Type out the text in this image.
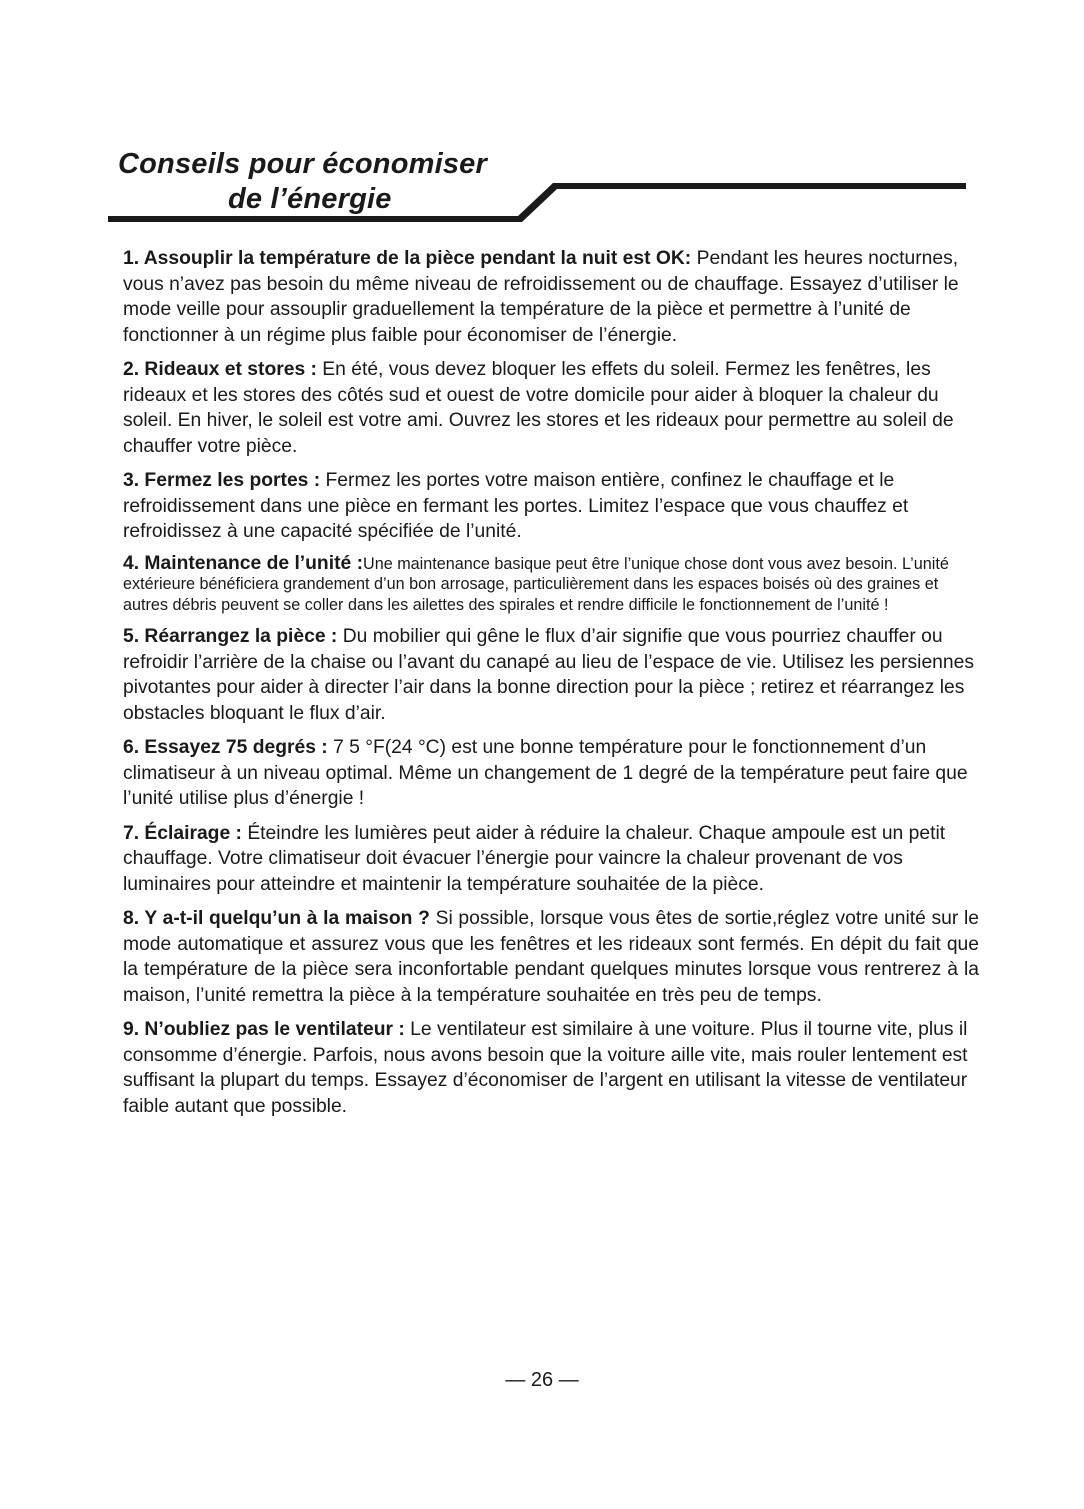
Conseils pour économiser
de l’énergie

1. Assouplir la température de la pièce pendant la nuit est OK: Pendant les heures nocturnes, vous n’avez pas besoin du même niveau de refroidissement ou de chauffage. Essayez d’utiliser le mode veille pour assouplir graduellement la température de la pièce et permettre à l’unité de fonctionner à un régime plus faible pour économiser de l’énergie.

2. Rideaux et stores : En été, vous devez bloquer les effets du soleil. Fermez les fenêtres, les rideaux et les stores des côtés sud et ouest de votre domicile pour aider à bloquer la chaleur du soleil. En hiver, le soleil est votre ami. Ouvrez les stores et les rideaux pour permettre au soleil de chauffer votre pièce.

3. Fermez les portes : Fermez les portes votre maison entière, confinez le chauffage et le refroidissement dans une pièce en fermant les portes. Limitez l’espace que vous chauffez et refroidissez à une capacité spécifiée de l’unité.

4. Maintenance de l’unité :Une maintenance basique peut être l’unique chose dont vous avez besoin. L’unité extérieure bénéficiera grandement d’un bon arrosage, particulièrement dans les espaces boisés où des graines et autres débris peuvent se coller dans les ailettes des spirales et rendre difficile le fonctionnement de l’unité !

5. Réarrangez la pièce : Du mobilier qui gêne le flux d’air signifie que vous pourriez chauffer ou refroidir l’arrière de la chaise ou l’avant du canapé au lieu de l’espace de vie. Utilisez les persiennes pivotantes pour aider à directer l’air dans la bonne direction pour la pièce ; retirez et réarrangez les obstacles bloquant le flux d’air.

6. Essayez 75 degrés : 7 5 °F(24 °C) est une bonne température pour le fonctionnement d’un climatiseur à un niveau optimal. Même un changement de 1 degré de la température peut faire que l’unité utilise plus d’énergie !

7. Éclairage : Éteindre les lumières peut aider à réduire la chaleur. Chaque ampoule est un petit chauffage. Votre climatiseur doit évacuer l’énergie pour vaincre la chaleur provenant de vos luminaires pour atteindre et maintenir la température souhaitée de la pièce.

8. Y a-t-il quelqu’un à la maison ? Si possible, lorsque vous êtes de sortie,réglez votre unité sur le mode automatique et assurez vous que les fenêtres et les rideaux sont fermés. En dépit du fait que la température de la pièce sera inconfortable pendant quelques minutes lorsque vous rentrerez à la maison, l’unité remettra la pièce à la température souhaitée en très peu de temps.

9. N’oubliez pas le ventilateur : Le ventilateur est similaire à une voiture. Plus il tourne vite, plus il consomme d’énergie. Parfois, nous avons besoin que la voiture aille vite, mais rouler lentement est suffisant la plupart du temps. Essayez d’économiser de l’argent en utilisant la vitesse de ventilateur faible autant que possible.

— 26 —
